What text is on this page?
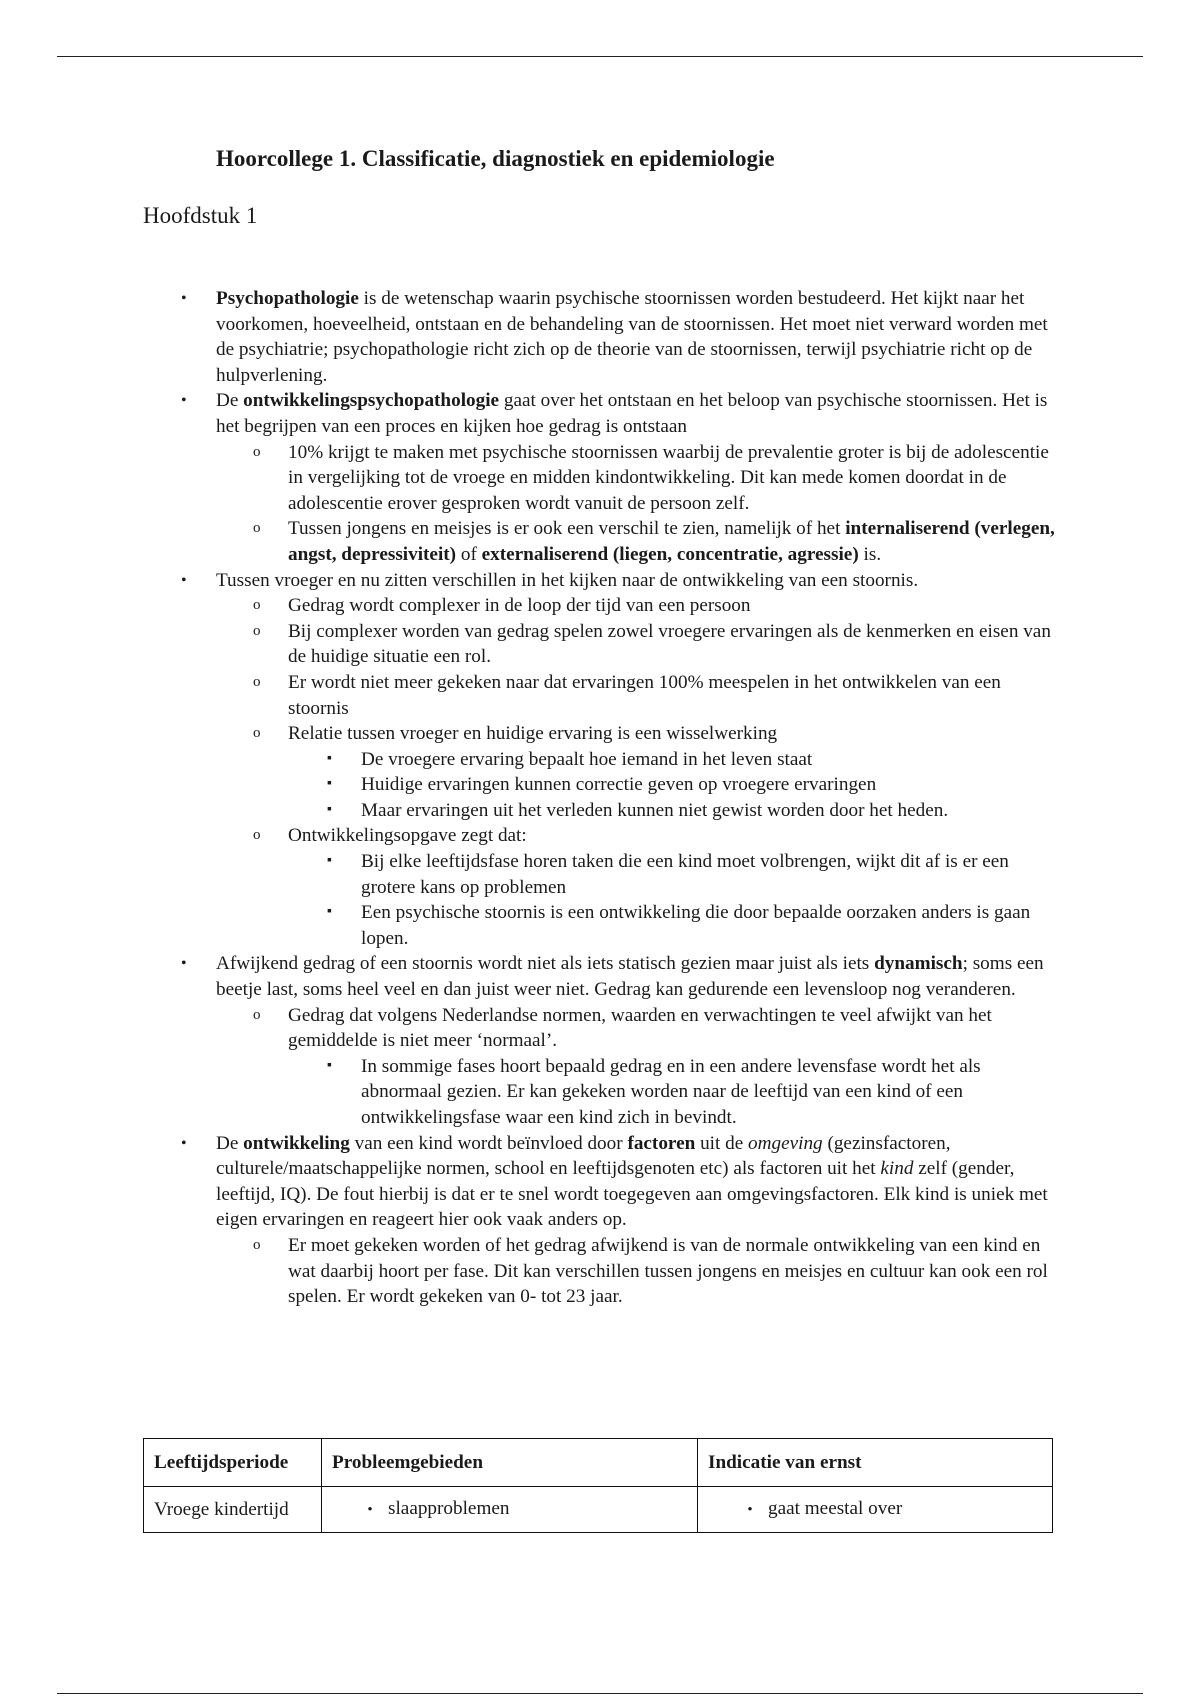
Hoorcollege 1. Classificatie, diagnostiek en epidemiologie
Hoofdstuk 1
• Psychopathologie is de wetenschap waarin psychische stoornissen worden bestudeerd. Het kijkt naar het voorkomen, hoeveelheid, ontstaan en de behandeling van de stoornissen. Het moet niet verward worden met de psychiatrie; psychopathologie richt zich op de theorie van de stoornissen, terwijl psychiatrie richt op de hulpverlening.
• De ontwikkelingspsychopathologie gaat over het ontstaan en het beloop van psychische stoornissen. Het is het begrijpen van een proces en kijken hoe gedrag is ontstaan
o 10% krijgt te maken met psychische stoornissen waarbij de prevalentie groter is bij de adolescentie in vergelijking tot de vroege en midden kindontwikkeling. Dit kan mede komen doordat in de adolescentie erover gesproken wordt vanuit de persoon zelf.
o Tussen jongens en meisjes is er ook een verschil te zien, namelijk of het internaliserend (verlegen, angst, depressiviteit) of externaliserend (liegen, concentratie, agressie) is.
• Tussen vroeger en nu zitten verschillen in het kijken naar de ontwikkeling van een stoornis.
o Gedrag wordt complexer in de loop der tijd van een persoon
o Bij complexer worden van gedrag spelen zowel vroegere ervaringen als de kenmerken en eisen van de huidige situatie een rol.
o Er wordt niet meer gekeken naar dat ervaringen 100% meespelen in het ontwikkelen van een stoornis
o Relatie tussen vroeger en huidige ervaring is een wisselwerking
▪ De vroegere ervaring bepaalt hoe iemand in het leven staat
▪ Huidige ervaringen kunnen correctie geven op vroegere ervaringen
▪ Maar ervaringen uit het verleden kunnen niet gewist worden door het heden.
o Ontwikkelingsopgave zegt dat:
▪ Bij elke leeftijdsfase horen taken die een kind moet volbrengen, wijkt dit af is er een grotere kans op problemen
▪ Een psychische stoornis is een ontwikkeling die door bepaalde oorzaken anders is gaan lopen.
• Afwijkend gedrag of een stoornis wordt niet als iets statisch gezien maar juist als iets dynamisch; soms een beetje last, soms heel veel en dan juist weer niet. Gedrag kan gedurende een levensloop nog veranderen.
o Gedrag dat volgens Nederlandse normen, waarden en verwachtingen te veel afwijkt van het gemiddelde is niet meer ‘normaal’.
▪ In sommige fases hoort bepaald gedrag en in een andere levensfase wordt het als abnormaal gezien. Er kan gekeken worden naar de leeftijd van een kind of een ontwikkelingsfase waar een kind zich in bevindt.
• De ontwikkeling van een kind wordt beïnvloed door factoren uit de omgeving (gezinsfactoren, culturele/maatschappelijke normen, school en leeftijdsgenoten etc) als factoren uit het kind zelf (gender, leeftijd, IQ). De fout hierbij is dat er te snel wordt toegegeven aan omgevingsfactoren. Elk kind is uniek met eigen ervaringen en reageert hier ook vaak anders op.
o Er moet gekeken worden of het gedrag afwijkend is van de normale ontwikkeling van een kind en wat daarbij hoort per fase. Dit kan verschillen tussen jongens en meisjes en cultuur kan ook een rol spelen. Er wordt gekeken van 0- tot 23 jaar.
Leeftijdsperiode	Probleemgebieden	Indicatie van ernst
Vroege kindertijd	• slaapproblemen	• gaat meestal over
